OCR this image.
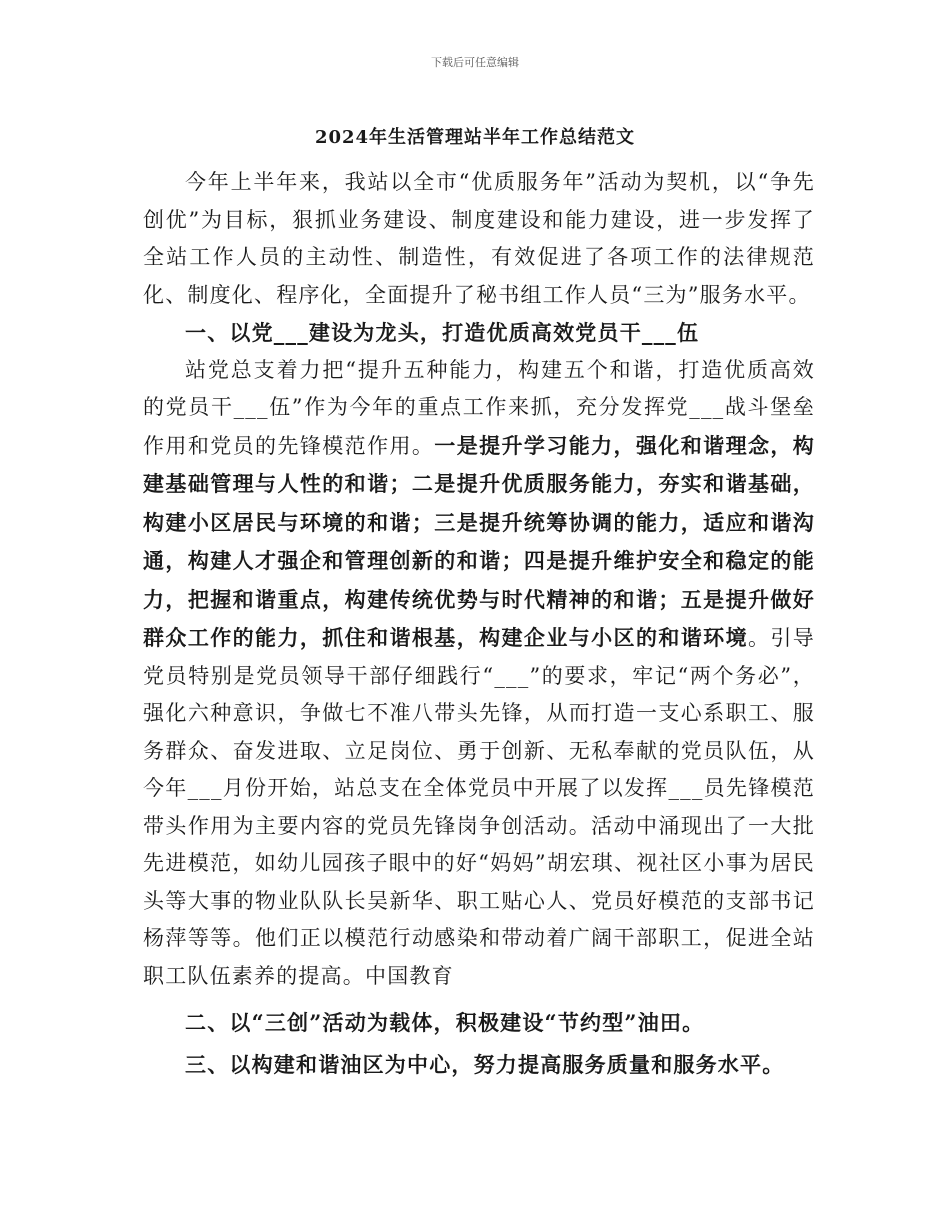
下载后可任意编辑
2024年生活管理站半年工作总结范文

今年上半年来，我站以全市“优质服务年”活动为契机，以“争先创优”为目标，狠抓业务建设、制度建设和能力建设，进一步发挥了全站工作人员的主动性、制造性，有效促进了各项工作的法律规范化、制度化、程序化，全面提升了秘书组工作人员“三为”服务水平。

一、以党___建设为龙头，打造优质高效党员干___伍

站党总支着力把“提升五种能力，构建五个和谐，打造优质高效的党员干___伍”作为今年的重点工作来抓，充分发挥党___战斗堡垒作用和党员的先锋模范作用。一是提升学习能力，强化和谐理念，构建基础管理与人性的和谐；二是提升优质服务能力，夯实和谐基础，构建小区居民与环境的和谐；三是提升统筹协调的能力，适应和谐沟通，构建人才强企和管理创新的和谐；四是提升维护安全和稳定的能力，把握和谐重点，构建传统优势与时代精神的和谐；五是提升做好群众工作的能力，抓住和谐根基，构建企业与小区的和谐环境。引导党员特别是党员领导干部仔细践行“___”的要求，牢记“两个务必”，强化六种意识，争做七不准八带头先锋，从而打造一支心系职工、服务群众、奋发进取、立足岗位、勇于创新、无私奉献的党员队伍，从今年___月份开始，站总支在全体党员中开展了以发挥___员先锋模范带头作用为主要内容的党员先锋岗争创活动。活动中涌现出了一大批先进模范，如幼儿园孩子眼中的好“妈妈”胡宏琪、视社区小事为居民头等大事的物业队队长吴新华、职工贴心人、党员好模范的支部书记杨萍等等。他们正以模范行动感染和带动着广阔干部职工，促进全站职工队伍素养的提高。中国教育

二、以“三创”活动为载体，积极建设“节约型”油田。

三、以构建和谐油区为中心，努力提高服务质量和服务水平。
